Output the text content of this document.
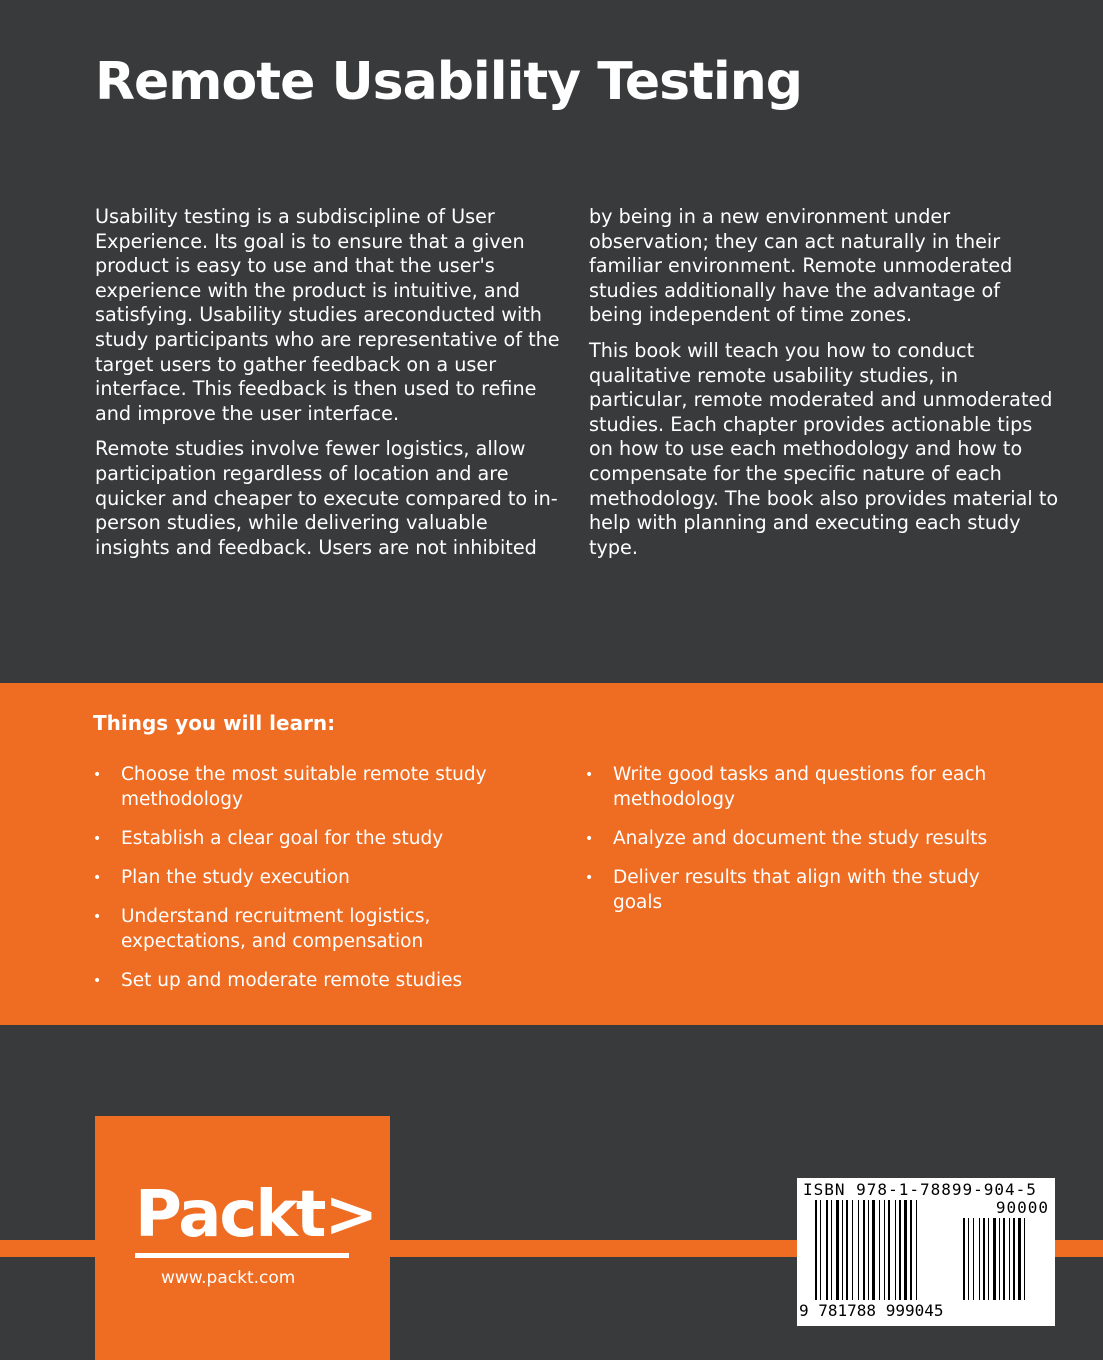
Remote Usability Testing

Usability testing is a subdiscipline of User Experience. Its goal is to ensure that a given product is easy to use and that the user's experience with the product is intuitive, and satisfying. Usability studies areconducted with study participants who are representative of the target users to gather feedback on a user interface. This feedback is then used to refine and improve the user interface.

Remote studies involve fewer logistics, allow participation regardless of location and are quicker and cheaper to execute compared to in-person studies, while delivering valuable insights and feedback. Users are not inhibited

by being in a new environment under observation; they can act naturally in their familiar environment. Remote unmoderated studies additionally have the advantage of being independent of time zones.

This book will teach you how to conduct qualitative remote usability studies, in particular, remote moderated and unmoderated studies. Each chapter provides actionable tips on how to use each methodology and how to compensate for the specific nature of each methodology. The book also provides material to help with planning and executing each study type.

Things you will learn:
• Choose the most suitable remote study methodology
• Establish a clear goal for the study
• Plan the study execution
• Understand recruitment logistics, expectations, and compensation
• Set up and moderate remote studies
• Write good tasks and questions for each methodology
• Analyze and document the study results
• Deliver results that align with the study goals
Packt>
www.packt.com
ISBN 978-1-78899-904-5
90000
9 781788 999045
